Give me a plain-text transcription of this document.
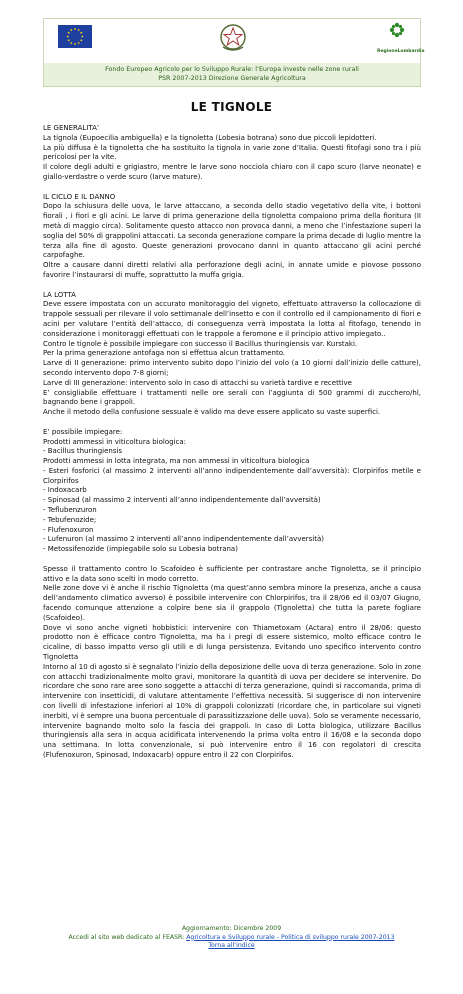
RegioneLombardia
Fondo Europeo Agricolo per lo Sviluppo Rurale: l’Europa investe nelle zone rurali
PSR 2007-2013 Direzione Generale Agricoltura
LE TIGNOLE

LE GENERALITA’

La tignola (Eupoecilia ambiguella) e la tignoletta (Lobesia botrana) sono due piccoli lepidotteri.

La più diffusa è la tignoletta che ha sostituito la tignola in varie zone d’Italia. Questi fitofagi sono tra i più pericolosi per la vite.

Il colore degli adulti e grigiastro, mentre le larve sono nocciola chiaro con il capo scuro (larve neonate) e giallo-verdastre o verde scuro (larve mature).

IL CICLO E IL DANNO

Dopo la schiusura delle uova, le larve attaccano, a seconda dello stadio vegetativo della vite, i bottoni fiorali , i fiori e gli acini. Le larve di prima generazione della tignoletta compaiono prima della fioritura (II metà di maggio circa). Solitamente questo attacco non provoca danni, a meno che l’infestazione superi la soglia del 50% di grappolini attaccati. La seconda generazione compare la prima decade di luglio mentre la terza alla fine di agosto. Queste generazioni provocano danni in quanto attaccano gli acini perché carpofaghe.

Oltre a causare danni diretti relativi alla perforazione degli acini, in annate umide e piovose possono favorire l’instaurarsi di muffe, soprattutto la muffa grigia.

LA LOTTA

Deve essere impostata con un accurato monitoraggio del vigneto, effettuato attraverso la collocazione di trappole sessuali per rilevare il volo settimanale dell’insetto e con il controllo ed il campionamento di fiori e acini per valutare l’entità dell’attacco, di conseguenza verrà impostata la lotta al fitofago, tenendo in considerazione i monitoraggi effettuati con le trappole a feromone e il principio attivo impiegato..

Contro le tignole è possibile impiegare con successo il Bacillus thuringiensis var. Kurstaki.

Per la prima generazione antofaga non si effettua alcun trattamento.

Larve di II generazione: primo intervento subito dopo l’inizio del volo (a 10 giorni dall’inizio delle catture), secondo intervento dopo 7-8 giorni;

Larve di III generazione: intervento solo in caso di attacchi su varietà tardive e recettive

E’ consigliabile effettuare i trattamenti nelle ore serali con l’aggiunta di 500 grammi di zucchero/hl, bagnando bene i grappoli.

Anche il metodo della confusione sessuale è valido ma deve essere applicato su vaste superfici.

E’ possibile impiegare:

Prodotti ammessi in viticoltura biologica:

- Bacillus thuringiensis

Prodotti ammessi in lotta integrata, ma non ammessi in viticoltura biologica

- Esteri fosforici (al massimo 2 interventi all’anno indipendentemente dall’avversità): Clorpirifos metile e Clorpirifos

- Indoxacarb

- Spinosad (al massimo 2 interventi all’anno indipendentemente dall’avversità)

- Teflubenzuron

- Tebufenozide;

- Flufenoxuron

- Lufenuron (al massimo 2 interventi all’anno indipendentemente dall’avversità)

- Metossifenozide (impiegabile solo su Lobesia botrana)

Spesso il trattamento contro lo Scafoideo è sufficiente per contrastare anche Tignoletta, se il principio attivo e la data sono scelti in modo corretto.

Nelle zone dove vi è anche il rischio Tignoletta (ma quest’anno sembra minore la presenza, anche a causa dell’andamento climatico avverso) è possibile intervenire con Chlorpirifos, tra il 28/06 ed il 03/07 Giugno, facendo comunque attenzione a colpire bene sia il grappolo (Tignoletta) che tutta la parete fogliare (Scafoideo).

Dove vi sono anche vigneti hobbistici: intervenire con Thiametoxam (Actara) entro il 28/06: questo prodotto non è efficace contro Tignoletta, ma ha i pregi di essere sistemico, molto efficace contro le cicaline, di basso impatto verso gli utili e di lunga persistenza. Evitando uno specifico intervento contro Tignoletta

Intorno al 10 di agosto si è segnalato l’inizio della deposizione delle uova di terza generazione. Solo in zone con attacchi tradizionalmente molto gravi, monitorare la quantità di uova per decidere se intervenire. Do ricordare che sono rare aree sono soggette a attacchi di terza generazione, quindi si raccomanda, prima di intervenire con insetticidi, di valutare attentamente l’effettiva necessità. Si suggerisce di non intervenire con livelli di infestazione inferiori al 10% di grappoli colonizzati (ricordare che, in particolare sui vigneti inerbiti, vi è sempre una buona percentuale di parassitizzazione delle uova). Solo se veramente necessario, intervenire bagnando molto solo la fascia dei grappoli. In caso di Lotta biologica, utilizzare Bacillus thuringiensis alla sera in acqua acidificata intervenendo la prima volta entro il 16/08 e la seconda dopo una settimana. In lotta convenzionale, si può intervenire entro il 16 con regolatori di crescita (Flufenoxuron, Spinosad, Indoxacarb) oppure entro il 22 con Clorpirifos.

Aggiornamento: Dicembre 2009
Accedi al sito web dedicato al FEASR: Agricoltura e Sviluppo rurale - Politica di sviluppo rurale 2007-2013
Torna all’indice
